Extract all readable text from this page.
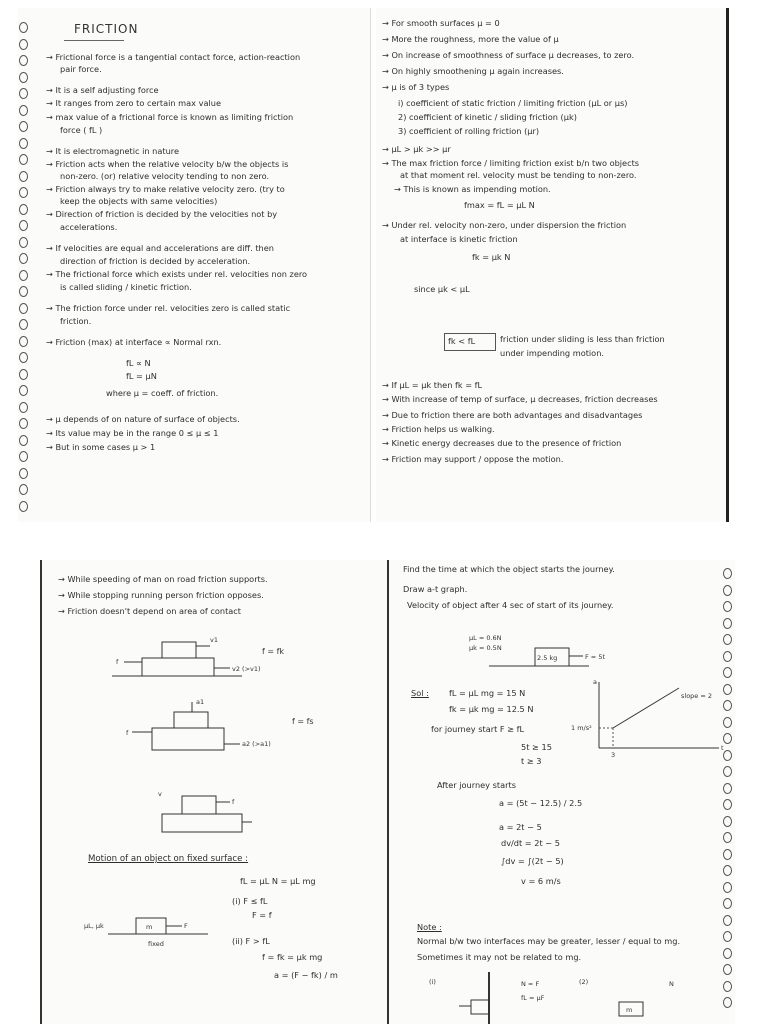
FRICTION
→ Frictional force is a tangential contact force, action-reaction
pair force.
→ It is a self adjusting force
→ It ranges from zero to certain max value
→ max value of a frictional force is known as limiting friction
force ( fL )
→ It is electromagnetic in nature
→ Friction acts when the relative velocity b/w the objects is
non-zero. (or) relative velocity tending to non zero.
→ Friction always try to make relative velocity zero. (try to
keep the objects with same velocities)
→ Direction of friction is decided by the velocities not by
accelerations.
→ If velocities are equal and accelerations are diff. then
direction of friction is decided by acceleration.
→ The frictional force which exists under rel. velocities non zero
is called sliding / kinetic friction.
→ The friction force under rel. velocities zero is called static
friction.
→ Friction (max) at interface ∝ Normal rxn.
fL ∝ N
fL = μN
where μ = coeff. of friction.
→ μ depends of on nature of surface of objects.
→ Its value may be in the range 0 ≤ μ ≤ 1
→ But in some cases μ > 1
→ For smooth surfaces μ = 0
→ More the roughness, more the value of μ
→ On increase of smoothness of surface μ decreases, to zero.
→ On highly smoothening μ again increases.
→ μ is of 3 types
i) coefficient of static friction / limiting friction (μL or μs)
2) coefficient of kinetic / sliding friction (μk)
3) coefficient of rolling friction (μr)
→ μL > μk >> μr
→ The max friction force / limiting friction exist b/n two objects
at that moment rel. velocity must be tending to non-zero.
→ This is known as impending motion.
fmax = fL = μL N
→ Under rel. velocity non-zero, under dispersion the friction
at interface is kinetic friction
fk = μk N
since μk < μL
fk < fL	friction under sliding is less than friction
under impending motion.
→ If μL = μk then fk = fL
→ With increase of temp of surface, μ decreases, friction decreases
→ Due to friction there are both advantages and disadvantages
→ Friction helps us walking.
→ Kinetic energy decreases due to the presence of friction
→ Friction may support / oppose the motion.
→ While speeding of man on road friction supports.
→ While stopping running person friction opposes.
→ Friction doesn't depend on area of contact
f
v1
v2 (>v1)
f = fk
f
a1
a2 (>a1)
f = fs
v
f
Motion of an object on fixed surface :
fL = μL N = μL mg
(i) F ≤ fL
F = f
(ii) F > fL
f = fk = μk mg
a = (F − fk) / m
m
μL, μk	F
fixed
Find the time at which the object starts the journey.
Draw a-t graph.
Velocity of object after 4 sec of start of its journey.
fL = μL mg = 15 N
fk = μk mg = 12.5 N
for journey start F ≥ fL
5t ≥ 15
t ≥ 3
After journey starts
a = (5t − 12.5) / 2.5
a = 2t − 5
dv/dt = 2t − 5
∫dv = ∫(2t − 5)
v = 6 m/s
Sol :
Note :
Normal b/w two interfaces may be greater, lesser / equal to mg.
Sometimes it may not be related to mg.
μL = 0.6N
μk = 0.5N
2.5 kg	F = 5t
a
t
slope = 2
1 m/s²
3
(i)	N = F
fL = μF
(2)
m
N
